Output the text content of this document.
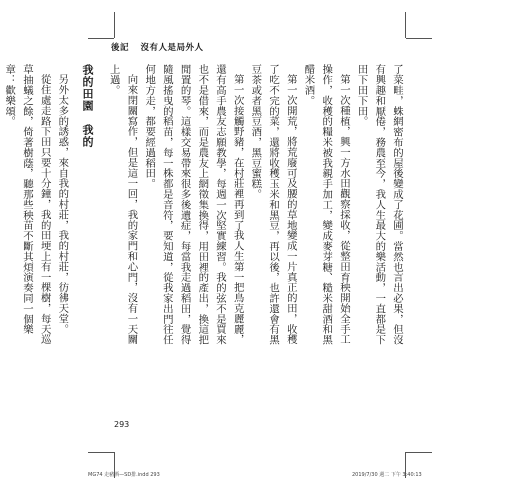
後記 沒有人是局外人

了菜畦，蛛網密布的屋後變成了花圃。當然也言出必果，但沒有興趣和厭倦，務農至今，我人生最大的樂活動，一直都是下田下田下田。

第一次種植，興一方水田觀察採收，從整田育秧開始全手工操作，收穫的糧米被我親手加工，變成麥芽糖、糙米甜酒和黑醋米酒。

第一次開荒，將荒廢可及腰的草地變成一片真正的田，收穫了吃不完的菜，還將收穫玉米和黑豆，再以後，也許還會有黑豆茶或者黑豆酒，黑豆蜜糕。

第一次接觸野豬，在村莊裡再到了我人生第一把鳥克麗麗，還有高手農友志願教學，每週一次堅實練習。我的弦不是買來也不是借來，而是農友上網徵集換得，用田裡的產出，換這把閒置的琴。這樣交易帶來很多後遺症，每當我走過稻田，覺得隨風搖曳的稻苗，每一株都是音符，要知道，從我家出門往任何地方走，都要經過稻田。

向來閉關寫作，但是這一回，我的家門和心門，沒有一天關上過。

我的田園　我的

另外太多的誘惑，來自我的村莊，我的村莊，彷彿天堂。

從住處走路下田只要十分鐘，我的田埂上有一棵樹，每天巡草抽蟻之餘，倚著樹蔭，聽那些秧苗不斷其煩演奏同一個樂章：歡樂頌。

293
MG74 走豬酒—SD排.indd 293	2019/7/30 週二 下午 3:40:13
